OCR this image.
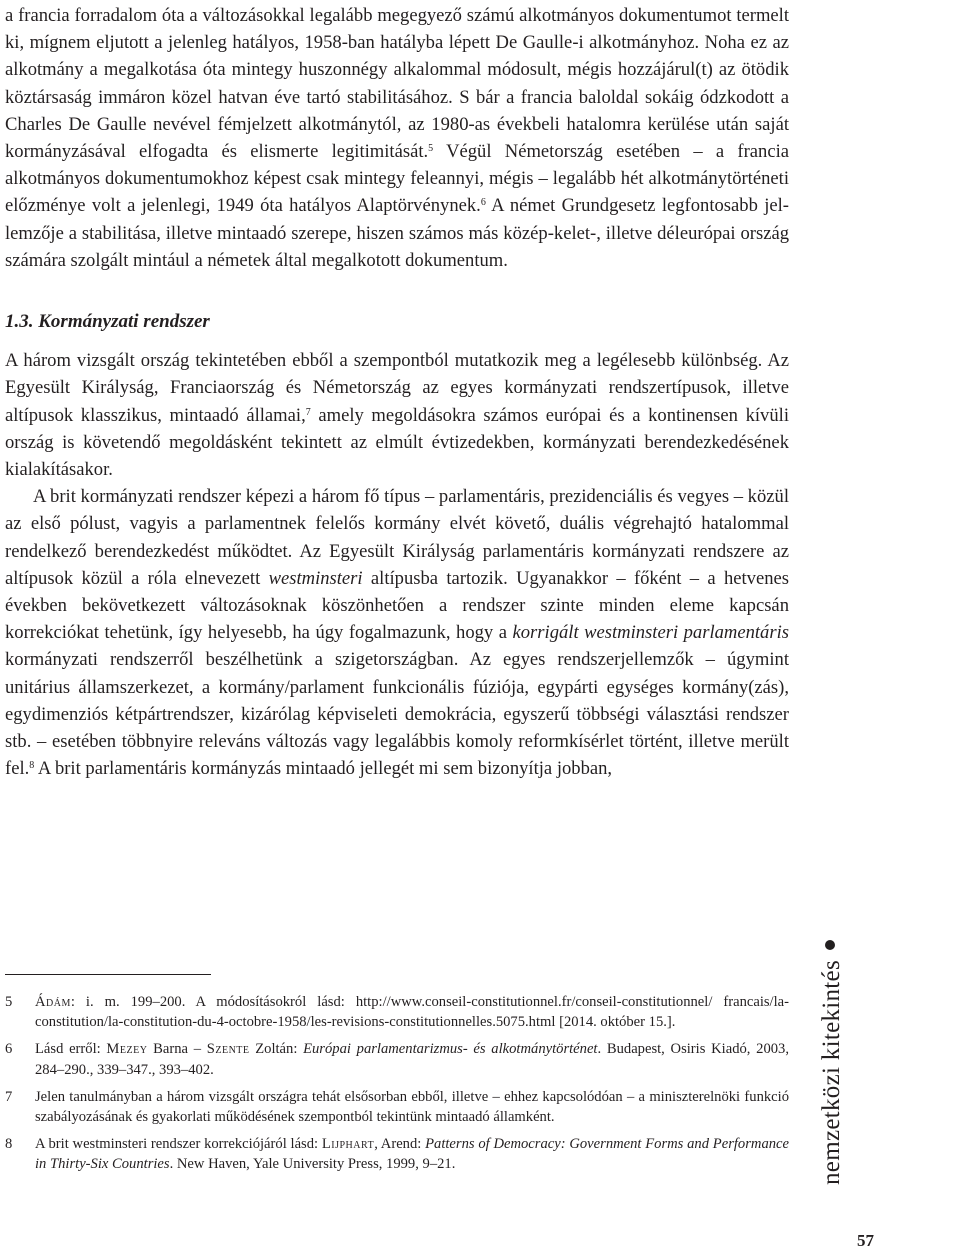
a francia forradalom óta a változásokkal legalább megegyező számú alkotmányos dokumentumot termelt ki, mígnem eljutott a jelenleg hatályos, 1958-ban hatályba lépett De Gaulle-i alkotmányhoz. Noha ez az alkotmány a megalkotása óta mintegy huszonnégy alkalommal módosult, mégis hozzájárul(t) az ötödik köztársaság immáron közel hatvan éve tartó stabilitásához. S bár a francia baloldal sokáig ódzkodott a Charles De Gaulle nevével fémjelzett alkotmánytól, az 1980-as évekbeli hatalomra kerülése után saját kormányzásával elfogadta és elismerte legitimitását.$^5$ Végül Németország esetében – a francia alkotmányos dokumentumokhoz képest csak mintegy feleannyi, mégis – legalább hét alkotmánytörténeti előzménye volt a jelenlegi, 1949 óta hatályos Alaptörvénynek.$^6$ A német Grundgesetz legfontosabb jellemzője a stabilitása, illetve mintaadó szerepe, hiszen számos más közép-kelet-, illetve déleurópai ország számára szolgált mintául a németek által megalkotott dokumentum.

1.3. Kormányzati rendszer

A három vizsgált ország tekintetében ebből a szempontból mutatkozik meg a legélesebb különbség. Az Egyesült Királyság, Franciaország és Németország az egyes kormányzati rendszertípusok, illetve altípusok klasszikus, mintaadó államai,$^7$ amely megoldásokra számos európai és a kontinensen kívüli ország is követendő megoldásként tekintett az elmúlt évtizedekben, kormányzati berendezkedésének kialakításakor.

A brit kormányzati rendszer képezi a három fő típus – parlamentáris, prezidenciális és vegyes – közül az első pólust, vagyis a parlamentnek felelős kormány elvét követő, duális végrehajtó hatalommal rendelkező berendezkedést működtet. Az Egyesült Királyság parlamentáris kormányzati rendszere az altípusok közül a róla elnevezett westminsteri altípusba tartozik. Ugyanakkor – főként – a hetvenes években bekövetkezett változásoknak köszönhetően a rendszer szinte minden eleme kapcsán korrekciókat tehetünk, így helyesebb, ha úgy fogalmazunk, hogy a korrigált westminsteri parlamentáris kormányzati rendszerről beszélhetünk a szigetországban. Az egyes rendszerjellemzők – úgymint unitárius államszerkezet, a kormány/parlament funkcionális fúziója, egypárti egységes kormány(zás), egydimenziós kétpártrendszer, kizárólag képviseleti demokrácia, egyszerű többségi választási rendszer stb. – esetében többnyire releváns változás vagy legalábbis komoly reformkísérlet történt, illetve merült fel.$^8$ A brit parlamentáris kormányzás mintaadó jellegét mi sem bizonyítja jobban,

5	Ádám: i. m. 199–200. A módosításokról lásd: http://www.conseil-constitutionnel.fr/conseil-constitutionnel/ francais/la-constitution/la-constitution-du-4-octobre-1958/les-revisions-constitutionnelles.5075.html [2014. október 15.].
6	Lásd erről: Mezey Barna – Szente Zoltán: Európai parlamentarizmus- és alkotmánytörténet. Budapest, Osiris Kiadó, 2003, 284–290., 339–347., 393–402.
7	Jelen tanulmányban a három vizsgált országra tehát elsősorban ebből, illetve – ehhez kapcsolódóan – a miniszterelnöki funkció szabályozásának és gyakorlati működésének szempontból tekintünk mintaadó államként.
8	A brit westminsteri rendszer korrekciójáról lásd: Lijphart, Arend: Patterns of Democracy: Government Forms and Performance in Thirty-Six Countries. New Haven, Yale University Press, 1999, 9–21.	nemzetközi kitekintés
57
